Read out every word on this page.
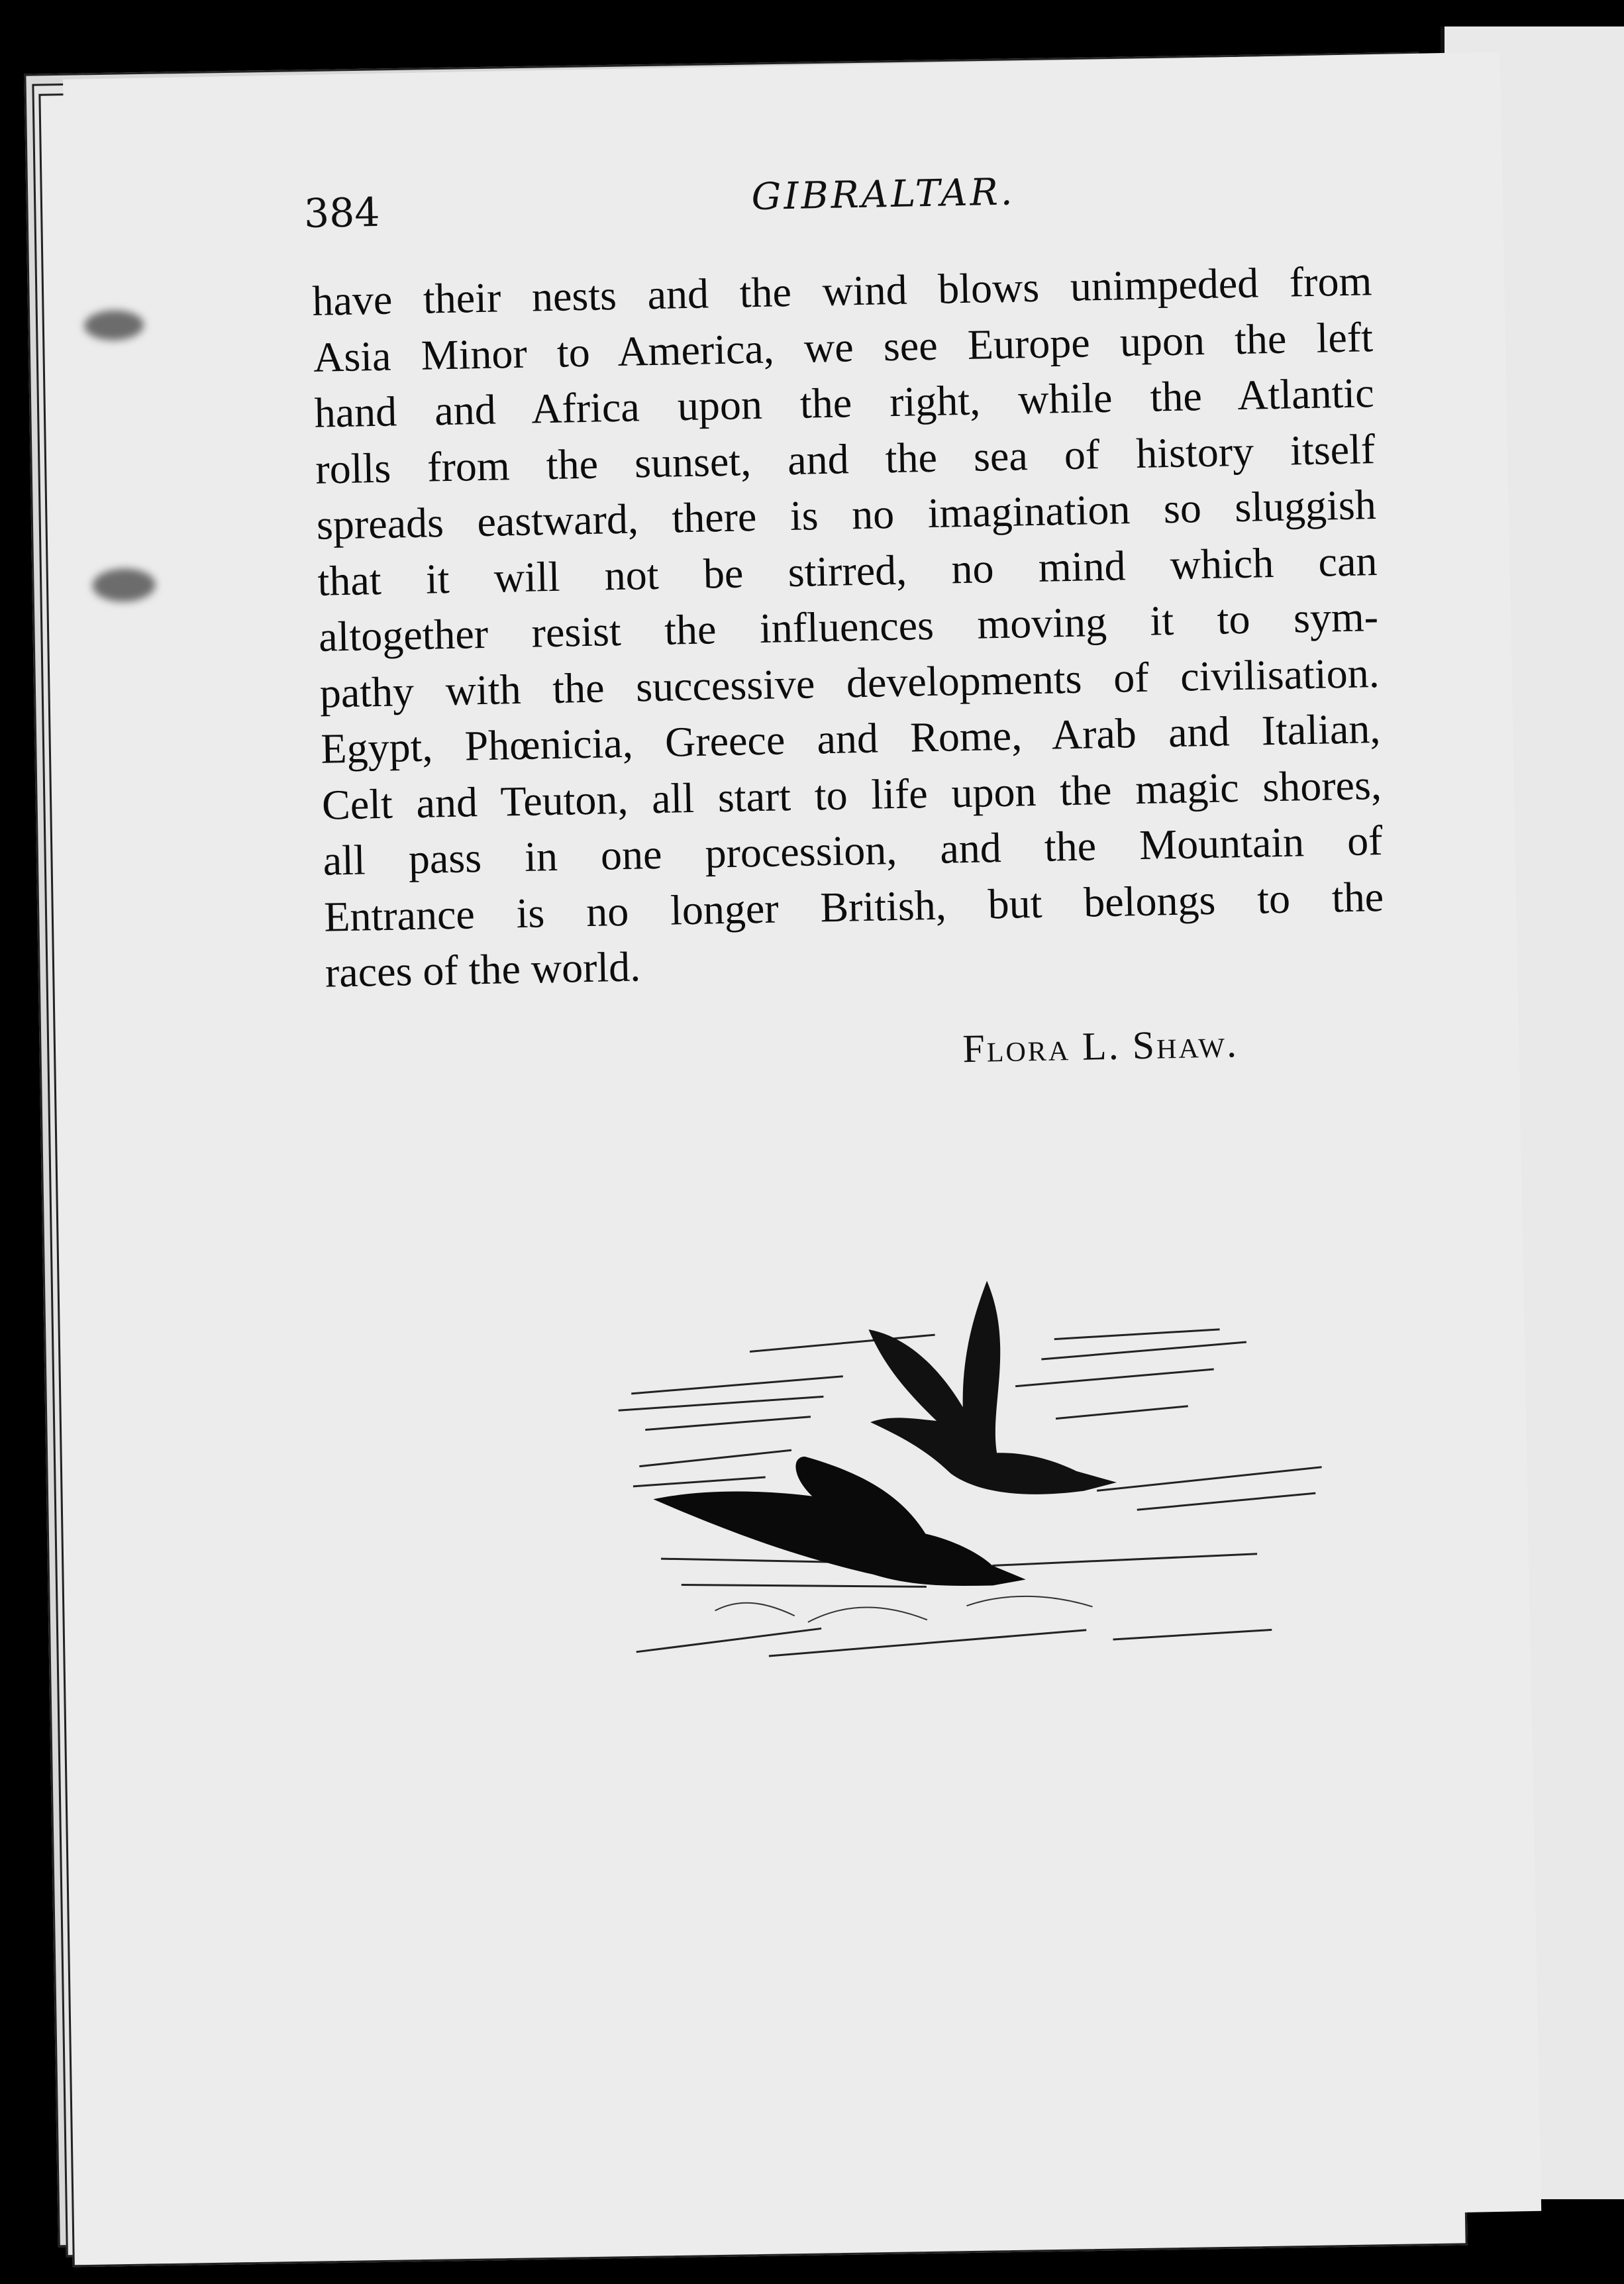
384	GIBRALTAR.
have their nests and the wind blows unimpeded from
Asia Minor to America, we see Europe upon the left
hand and Africa upon the right, while the Atlantic
rolls from the sunset, and the sea of history itself
spreads eastward, there is no imagination so sluggish
that it will not be stirred, no mind which can
altogether resist the influences moving it to sym-
pathy with the successive developments of civilisation.
Egypt, Phœnicia, Greece and Rome, Arab and Italian,
Celt and Teuton, all start to life upon the magic shores,
all pass in one procession, and the Mountain of
Entrance is no longer British, but belongs to the
races of the world.
Flora L. Shaw.
